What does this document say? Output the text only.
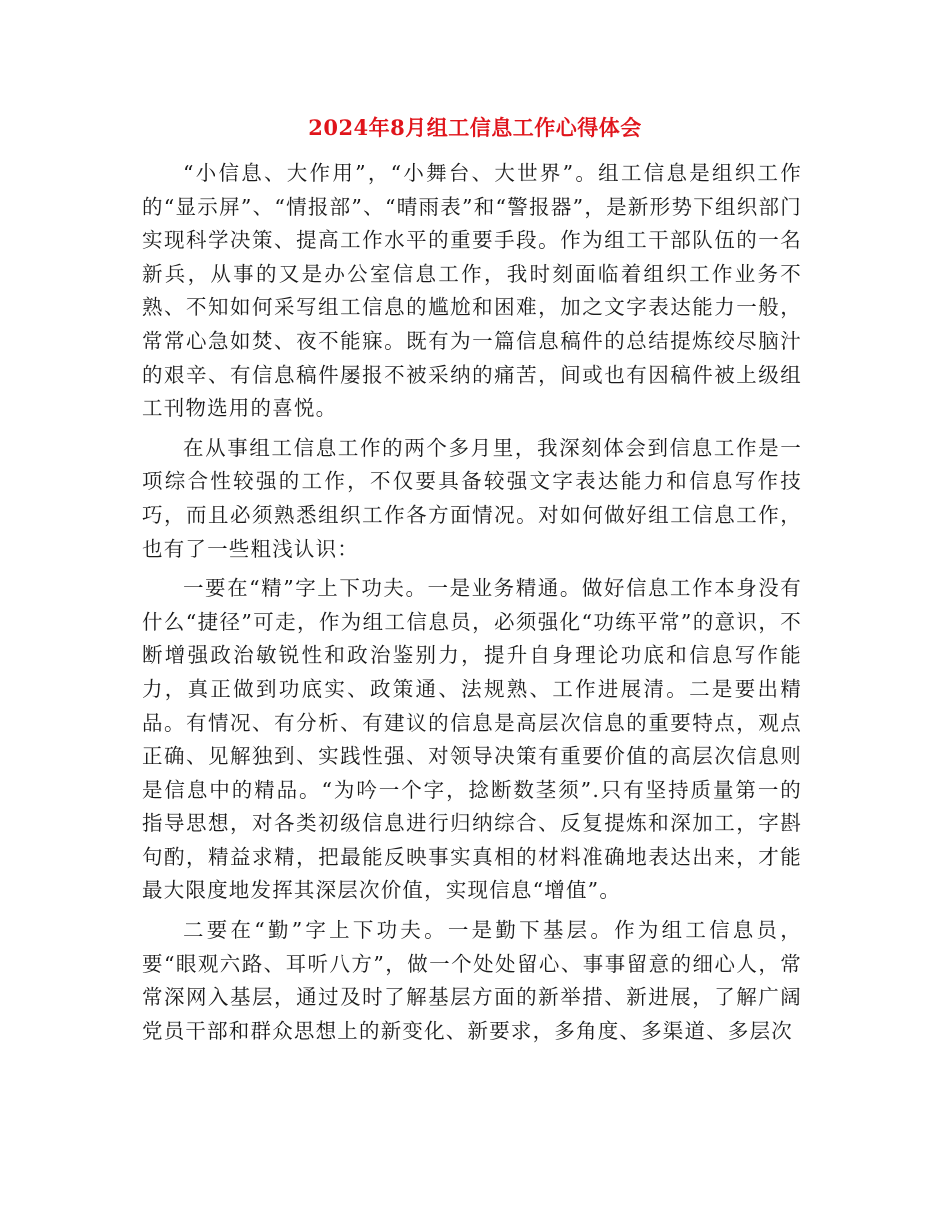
2024年8月组工信息工作心得体会

“小信息、大作用”，“小舞台、大世界”。组工信息是组织工作的“显示屏”、“情报部”、“晴雨表”和“警报器”，是新形势下组织部门实现科学决策、提高工作水平的重要手段。作为组工干部队伍的一名新兵，从事的又是办公室信息工作，我时刻面临着组织工作业务不熟、不知如何采写组工信息的尴尬和困难，加之文字表达能力一般，常常心急如焚、夜不能寐。既有为一篇信息稿件的总结提炼绞尽脑汁的艰辛、有信息稿件屡报不被采纳的痛苦，间或也有因稿件被上级组工刊物选用的喜悦。

在从事组工信息工作的两个多月里，我深刻体会到信息工作是一项综合性较强的工作，不仅要具备较强文字表达能力和信息写作技巧，而且必须熟悉组织工作各方面情况。对如何做好组工信息工作，也有了一些粗浅认识：

一要在“精”字上下功夫。一是业务精通。做好信息工作本身没有什么“捷径”可走，作为组工信息员，必须强化“功练平常”的意识，不断增强政治敏锐性和政治鉴别力，提升自身理论功底和信息写作能力，真正做到功底实、政策通、法规熟、工作进展清。二是要出精品。有情况、有分析、有建议的信息是高层次信息的重要特点，观点正确、见解独到、实践性强、对领导决策有重要价值的高层次信息则是信息中的精品。“为吟一个字，捻断数茎须”.只有坚持质量第一的指导思想，对各类初级信息进行归纳综合、反复提炼和深加工，字斟句酌，精益求精，把最能反映事实真相的材料准确地表达出来，才能最大限度地发挥其深层次价值，实现信息“增值”。

二要在“勤”字上下功夫。一是勤下基层。作为组工信息员，要“眼观六路、耳听八方”，做一个处处留心、事事留意的细心人，常常深网入基层，通过及时了解基层方面的新举措、新进展，了解广阔党员干部和群众思想上的新变化、新要求，多角度、多渠道、多层次
